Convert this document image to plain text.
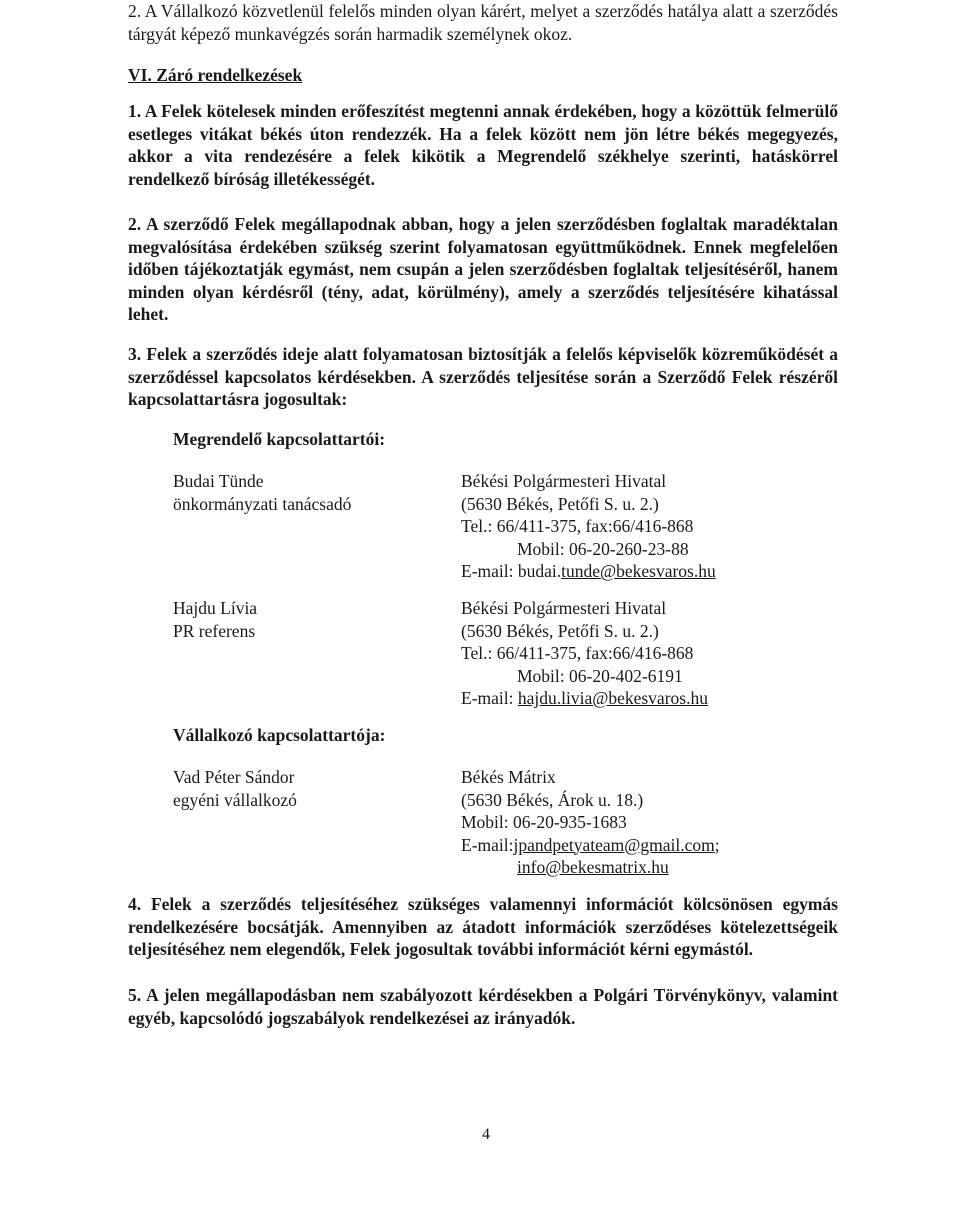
2. A Vállalkozó közvetlenül felelős minden olyan kárért, melyet a szerződés hatálya alatt a szerződés tárgyát képező munkavégzés során harmadik személynek okoz.

VI. Záró rendelkezések

1. A Felek kötelesek minden erőfeszítést megtenni annak érdekében, hogy a közöttük felmerülő esetleges vitákat békés úton rendezzék. Ha a felek között nem jön létre békés megegyezés, akkor a vita rendezésére a felek kikötik a Megrendelő székhelye szerinti, hatáskörrel rendelkező bíróság illetékességét.

2. A szerződő Felek megállapodnak abban, hogy a jelen szerződésben foglaltak maradéktalan megvalósítása érdekében szükség szerint folyamatosan együttműködnek. Ennek megfelelően időben tájékoztatják egymást, nem csupán a jelen szerződésben foglaltak teljesítéséről, hanem minden olyan kérdésről (tény, adat, körülmény), amely a szerződés teljesítésére kihatással lehet.

3. Felek a szerződés ideje alatt folyamatosan biztosítják a felelős képviselők közreműködését a szerződéssel kapcsolatos kérdésekben. A szerződés teljesítése során a Szerződő Felek részéről kapcsolattartásra jogosultak:

Megrendelő kapcsolattartói:

Budai Tünde
önkormányzati tanácsadó
Békési Polgármesteri Hivatal
(5630 Békés, Petőfi S. u. 2.)
Tel.: 66/411-375, fax:66/416-868
Mobil: 06-20-260-23-88
E-mail: budai.tunde@bekesvaros.hu
Hajdu Lívia
PR referens
Békési Polgármesteri Hivatal
(5630 Békés, Petőfi S. u. 2.)
Tel.: 66/411-375, fax:66/416-868
Mobil: 06-20-402-6191
E-mail: hajdu.livia@bekesvaros.hu

Vállalkozó kapcsolattartója:

Vad Péter Sándor
egyéni vállalkozó
Békés Mátrix
(5630 Békés, Árok u. 18.)
Mobil: 06-20-935-1683
E-mail:jpandpetyateam@gmail.com;
info@bekesmatrix.hu

4. Felek a szerződés teljesítéséhez szükséges valamennyi információt kölcsönösen egymás rendelkezésére bocsátják. Amennyiben az átadott információk szerződéses kötelezettségeik teljesítéséhez nem elegendők, Felek jogosultak további információt kérni egymástól.

5. A jelen megállapodásban nem szabályozott kérdésekben a Polgári Törvénykönyv, valamint egyéb, kapcsolódó jogszabályok rendelkezései az irányadók.

4
